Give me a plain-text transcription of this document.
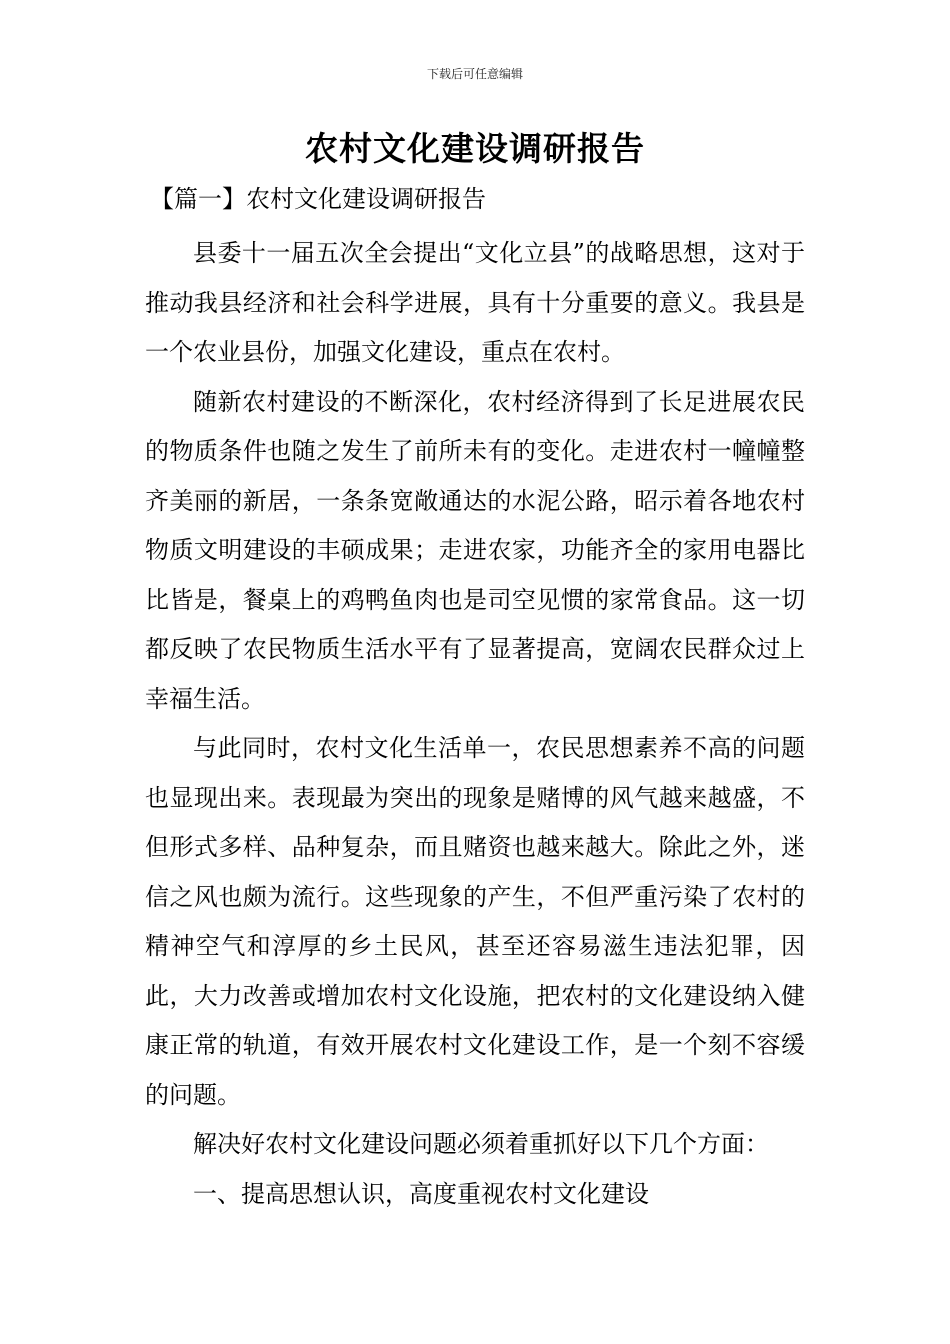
下载后可任意编辑
农村文化建设调研报告
【篇一】农村文化建设调研报告

县委十一届五次全会提出“文化立县”的战略思想，这对于推动我县经济和社会科学进展，具有十分重要的意义。我县是一个农业县份，加强文化建设，重点在农村。

随新农村建设的不断深化，农村经济得到了长足进展农民的物质条件也随之发生了前所未有的变化。走进农村一幢幢整齐美丽的新居，一条条宽敞通达的水泥公路，昭示着各地农村物质文明建设的丰硕成果；走进农家，功能齐全的家用电器比比皆是，餐桌上的鸡鸭鱼肉也是司空见惯的家常食品。这一切都反映了农民物质生活水平有了显著提高，宽阔农民群众过上幸福生活。

与此同时，农村文化生活单一，农民思想素养不高的问题也显现出来。表现最为突出的现象是赌博的风气越来越盛，不但形式多样、品种复杂，而且赌资也越来越大。除此之外，迷信之风也颇为流行。这些现象的产生，不但严重污染了农村的精神空气和淳厚的乡土民风，甚至还容易滋生违法犯罪，因此，大力改善或增加农村文化设施，把农村的文化建设纳入健康正常的轨道，有效开展农村文化建设工作，是一个刻不容缓的问题。

解决好农村文化建设问题必须着重抓好以下几个方面：

一、提高思想认识，高度重视农村文化建设
